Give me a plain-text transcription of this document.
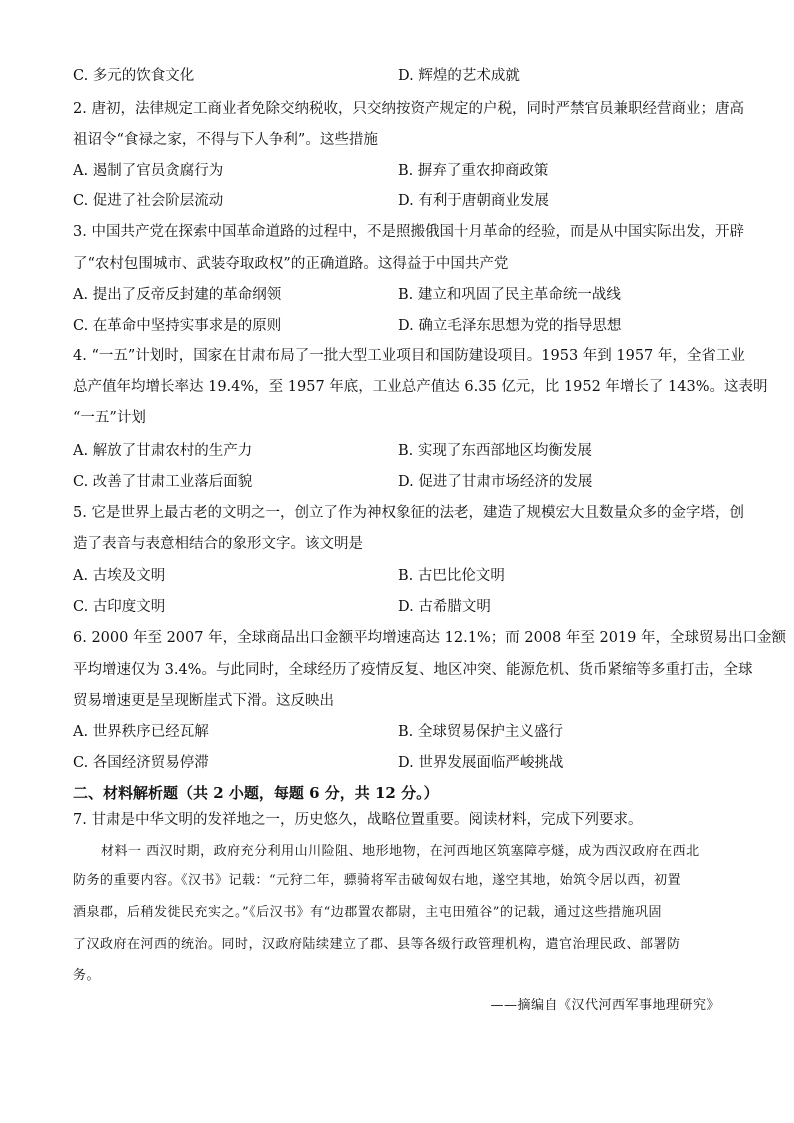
C. 多元的饮食文化	D. 辉煌的艺术成就
2. 唐初，法律规定工商业者免除交纳税收，只交纳按资产规定的户税，同时严禁官员兼职经营商业；唐高
祖诏令“食禄之家，不得与下人争利”。这些措施
A. 遏制了官员贪腐行为	B. 摒弃了重农抑商政策
C. 促进了社会阶层流动	D. 有利于唐朝商业发展
3. 中国共产党在探索中国革命道路的过程中，不是照搬俄国十月革命的经验，而是从中国实际出发，开辟
了“农村包围城市、武装夺取政权”的正确道路。这得益于中国共产党
A. 提出了反帝反封建的革命纲领	B. 建立和巩固了民主革命统一战线
C. 在革命中坚持实事求是的原则	D. 确立毛泽东思想为党的指导思想
4. “一五”计划时，国家在甘肃布局了一批大型工业项目和国防建设项目。1953 年到 1957 年，全省工业
总产值年均增长率达 19.4%，至 1957 年底，工业总产值达 6.35 亿元，比 1952 年增长了 143%。这表明
“一五”计划
A. 解放了甘肃农村的生产力	B. 实现了东西部地区均衡发展
C. 改善了甘肃工业落后面貌	D. 促进了甘肃市场经济的发展
5. 它是世界上最古老的文明之一，创立了作为神权象征的法老，建造了规模宏大且数量众多的金字塔，创
造了表音与表意相结合的象形文字。该文明是
A. 古埃及文明	B. 古巴比伦文明
C. 古印度文明	D. 古希腊文明
6. 2000 年至 2007 年，全球商品出口金额平均增速高达 12.1%；而 2008 年至 2019 年，全球贸易出口金额
平均增速仅为 3.4%。与此同时，全球经历了疫情反复、地区冲突、能源危机、货币紧缩等多重打击，全球
贸易增速更是呈现断崖式下滑。这反映出
A. 世界秩序已经瓦解	B. 全球贸易保护主义盛行
C. 各国经济贸易停滞	D. 世界发展面临严峻挑战
二、材料解析题（共 2 小题，每题 6 分，共 12 分。）
7. 甘肃是中华文明的发祥地之一，历史悠久，战略位置重要。阅读材料，完成下列要求。
材料一 西汉时期，政府充分利用山川险阻、地形地物，在河西地区筑塞障亭燧，成为西汉政府在西北
防务的重要内容。《汉书》记载：“元狩二年，骠骑将军击破匈奴右地，遂空其地，始筑令居以西，初置
酒泉郡，后稍发徙民充实之。”《后汉书》有“边郡置农都尉，主屯田殖谷”的记载，通过这些措施巩固
了汉政府在河西的统治。同时，汉政府陆续建立了郡、县等各级行政管理机构，遣官治理民政、部署防
务。
——摘编自《汉代河西军事地理研究》
